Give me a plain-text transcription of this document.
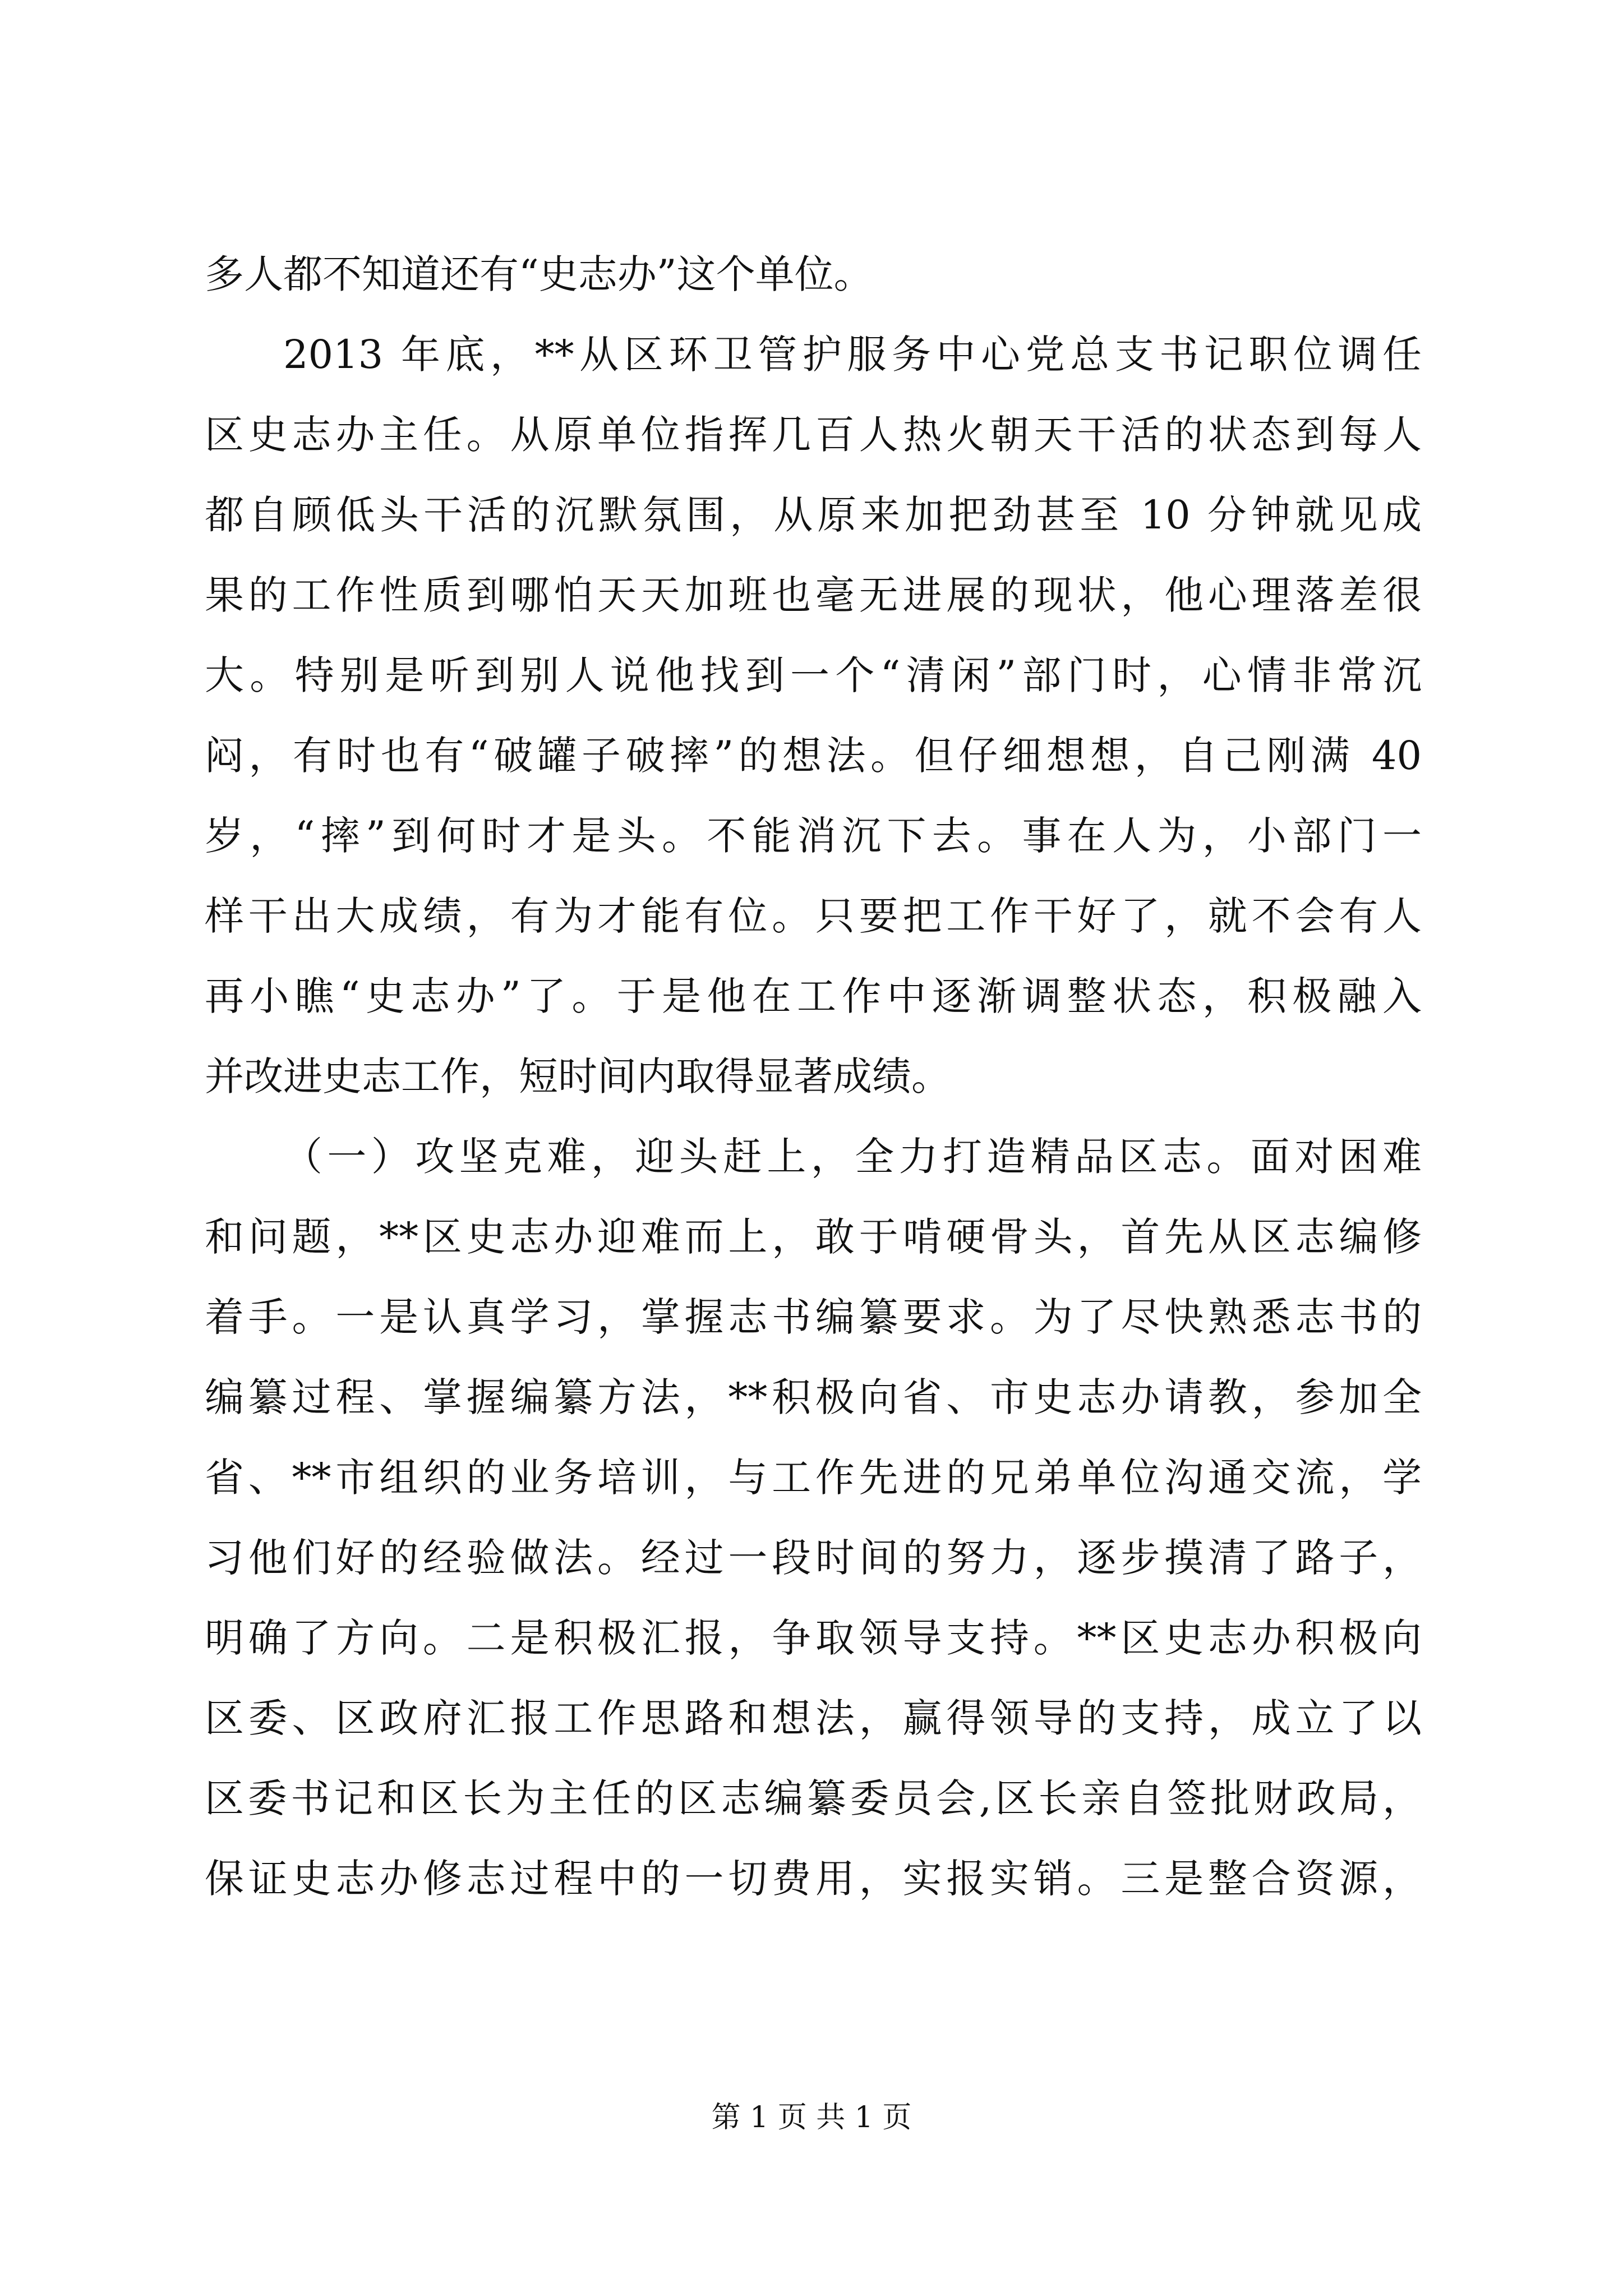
多人都不知道还有“史志办”这个单位。
2013 年底，**从区环卫管护服务中心党总支书记职位调任
区史志办主任。从原单位指挥几百人热火朝天干活的状态到每人
都自顾低头干活的沉默氛围，从原来加把劲甚至 10 分钟就见成
果的工作性质到哪怕天天加班也毫无进展的现状，他心理落差很
大。特别是听到别人说他找到一个“清闲”部门时，心情非常沉
闷，有时也有“破罐子破摔”的想法。但仔细想想，自己刚满 40
岁，“摔”到何时才是头。不能消沉下去。事在人为，小部门一
样干出大成绩，有为才能有位。只要把工作干好了，就不会有人
再小瞧“史志办”了。于是他在工作中逐渐调整状态，积极融入
并改进史志工作，短时间内取得显著成绩。
（一）攻坚克难，迎头赶上，全力打造精品区志。面对困难
和问题，**区史志办迎难而上，敢于啃硬骨头，首先从区志编修
着手。一是认真学习，掌握志书编纂要求。为了尽快熟悉志书的
编纂过程、掌握编纂方法，**积极向省、市史志办请教，参加全
省、**市组织的业务培训，与工作先进的兄弟单位沟通交流，学
习他们好的经验做法。经过一段时间的努力，逐步摸清了路子，
明确了方向。二是积极汇报，争取领导支持。**区史志办积极向
区委、区政府汇报工作思路和想法，赢得领导的支持，成立了以
区委书记和区长为主任的区志编纂委员会,区长亲自签批财政局，
保证史志办修志过程中的一切费用，实报实销。三是整合资源，
第 1 页 共 1 页
